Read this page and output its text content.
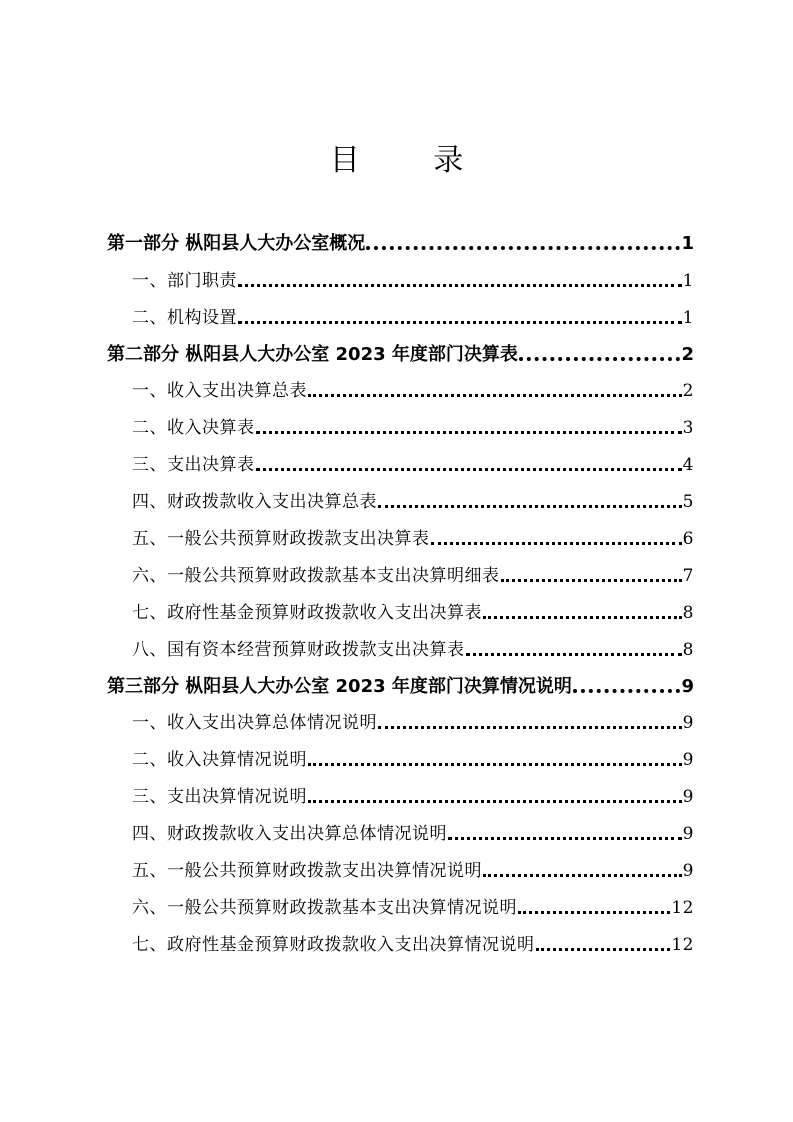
目 录
第一部分 枞阳县人大办公室概况	1
一、部门职责	1
二、机构设置	1
第二部分 枞阳县人大办公室 2023 年度部门决算表	2
一、收入支出决算总表	2
二、收入决算表	3
三、支出决算表	4
四、财政拨款收入支出决算总表	5
五、一般公共预算财政拨款支出决算表	6
六、一般公共预算财政拨款基本支出决算明细表	7
七、政府性基金预算财政拨款收入支出决算表	8
八、国有资本经营预算财政拨款支出决算表	8
第三部分 枞阳县人大办公室 2023 年度部门决算情况说明	9
一、收入支出决算总体情况说明	9
二、收入决算情况说明	9
三、支出决算情况说明	9
四、财政拨款收入支出决算总体情况说明	9
五、一般公共预算财政拨款支出决算情况说明	9
六、一般公共预算财政拨款基本支出决算情况说明	12
七、政府性基金预算财政拨款收入支出决算情况说明	12
